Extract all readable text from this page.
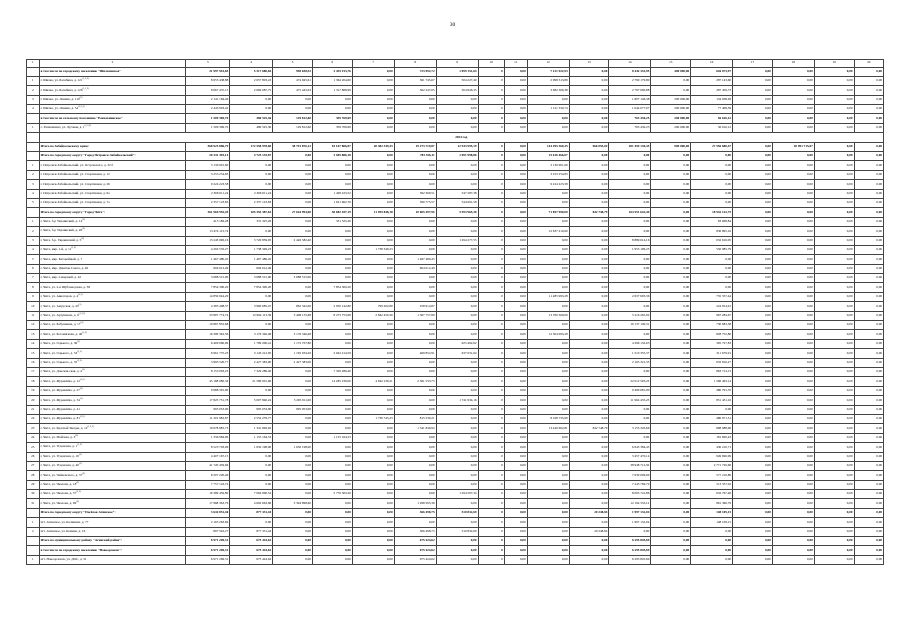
30
1	2	3	4	5	6	7	8	9	10	11	12	13	14	15	16	17	18	19	20
	в том числе по городскому поселению "Шилкинское"	21 997 943,65	5 317 680,84	990 638,52	2 435 913,76	0,00	723 992,72	1 099 151,64	0	0,00	7 121 922,93	0,00	8 442 332,95	400 000,00	626 073,97	0,00	0,00	0,00	0,00
1	г. Шилка, ул. Балабина, д. 121$^{(1,2,3)}$	8 655 438,88	2 657 803,22	474 945,61	1 364 204,66	0,00	361 745,67	504 227,40	0	0,00	2 998 313,89	0,00	2 799 179,80	0,00	287 143,60	0,00	0,00	0,00	0,00
2	г. Шилка, ул. Балабина, д. 126$^{(1,2,3)}$	8 667 437,15	2 660 687,75	475 445,63	1 317 868,99	0,00	362 247,05	504 926,35	0	0,00	3 082 309,38	0,00	2 797 690,88	0,00	287 459,73	0,00	0,00	0,00	0,00
3	г. Шилка, ул. Ленина, д. 110$^{(2)}$	2 141 184,46	0,00	0,00	0,00	0,00	0,00	0,00	0	0,00	0,00	0,00	1 807 146,38	200 000,00	134 038,28	0,00	0,00	0,00	0,00
4	г. Шилка, ул. Ленина, д. 54$^{(1,2,3)}$	2 443 903,42	0,00	0,00	0,00	0,00	0,00	0,00	0	0,00	1 121 330,74	0,00	1 044 077,97	200 000,00	77 408,39	0,00	0,00	0,00	0,00
	в том числе по сельскому поселению "Размахнинское"	1 509 369,70	480 525,36	129 812,60	359 769,69	0,00	0,00	0,00	0	0,00	0,00	0,00	763 430,25	200 000,00	56 616,12	0,00	0,00	0,00	0,00
1	с. Размахнино, ул. Луговая, д. 1$^{(1,2,3)}$	1 509 369,70	480 525,36	129 812,60	359 769,69	0,00	0,00	0,00	0	0,00	0,00	0,00	763 430,25	200 000,00	56 616,12	0,00	0,00	0,00	0,00
	2024 год																		
	Итого по Забайкальскому краю:	568 925 886,79	172 558 978,60	38 791 876,12	81 167 866,07	20 382 349,43	19 273 719,87	12 943 995,19	0	0,00	144 495 360,35	966 055,04	201 459 130,45	900 000,00	27 556 680,47	0,00	20 991 715,07	0,00	0,00
	Итого по городскому округу "Город Петровск-Забайкальский":	20 341 395,14	4 725 135,87	0,00	2 049 886,18	0,00	783 356,11	1 091 998,86	0	0,00	15 616 466,07	0,00	0,00	0,00	0,00	0,00	0,00	0,00	0,00
1	г. Петровск-Забайкальский, ул. Островского, д. 32 б	3 130 901,60	0,00	0,00	0,00	0,00	0,00	0,00	0	0,00	3 130 901,60	0,00	0,00	0,00	0,00	0,00	0,00	0,00	0,00
2	г. Петровск-Забайкальский, ул. Спортивная, д. 12	3 253 254,83	0,00	0,00	0,00	0,00	0,00	0,00	0	0,00	3 253 254,83	0,00	0,00	0,00	0,00	0,00	0,00	0,00	0,00
3	г. Петровск-Забайкальский, ул. Спортивная, д. 26	9 224 223,58	0,00	0,00	0,00	0,00	0,00	0,00	0	0,00	9 224 223,58	0,00	0,00	0,00	0,00	0,00	0,00	0,00	0,00
4	г. Петровск-Забайкальский, ул. Спортивная, д. 6а	2 366 011,24	2 366 011,24	0,00	1 428 223,52	0,00	392 369,51	547 287,38	0	0,00	0,00	0,00	0,00	0,00	0,00	0,00	0,00	0,00	0,00
5	г. Петровск-Забайкальский, ул. Спортивная, д. 7а	2 357 123,83	2 357 123,83	0,00	1 621 662,76	0,00	390 775,57	544 691,58	0	0,00	0,00	0,00	0,00	0,00	0,00	0,00	0,00	0,00	0,00
	Итого по городскому округу "Город Чита":	361 969 992,45	105 355 387,63	27 644 994,00	50 082 187,19	11 959 848,18	10 065 497,95	5 593 965,30	0	0,00	71 857 990,00	842 748,79	164 551 642,49	0,00	18 942 122,75	0,00	0,00	0,00	0,00
1	г. Чита, б-р Украинский, д. 14$^{(3)}$	415 186,28	331 325,26	0,00	331 325,26	0,00	0,00	0,00	0	0,00	0,00	0,00	0,00	0,00	83 668,84	0,00	0,00	0,00	0,00
2	г. Чита, б-р Украинский, д. 26$^{(2)}$	13 474 115,74	0,00	0,00	0,00	0,00	0,00	0,00	0	0,00	12 637 210,60	0,00	0,00	0,00	836 895,16	0,00	0,00	0,00	0,00
3	г. Чита, б-р. Украинский, д. 5$^{(2)}$	13 243 090,16	3 720 859,95	2 426 582,40	0,00	0,00	0,00	1 294 277,55	0	0,00	0,00	0,00	8 889 614,16	0,00	632 616,05	0,00	0,00	0,00	0,00
4	г. Чита, мкр. 1-й, д. 11$^{(1,2)}$	4 292 535,27	1 738 349,23	0,00	0,00	1 738 349,23	0,00	0,00	0	0,00	0,00	0,00	1 953 199,25	0,00	550 985,79	0,00	0,00	0,00	0,00
5	г. Чита, мкр. Батарейный, д. 7	1 467 480,45	1 467 480,45	0,00	0,00	0,00	1 467 480,45	0,00	0	0,00	0,00	0,00	0,00	0,00	0,00	0,00	0,00	0,00	0,00
6	г. Чита, мкр. Девятая Союза, д. 40	604 012,49	604 012,49	0,00	0,00	0,00	604 012,49	0,00	0	0,00	0,00	0,00	0,00	0,00	0,00	0,00	0,00	0,00	0,00
7	г. Чита, мкр. Северный, д. 42	3 688 515,00	3 688 515,00	3 688 515,00	0,00	0,00	0,00	0,00	0	0,00	0,00	0,00	0,00	0,00	0,00	0,00	0,00	0,00	0,00
8	г. Чита, ул. 2-я Шубзаводская, д. 38	7 854 300,20	7 854 300,20	0,00	7 854 300,20	0,00	0,00	0,00	0	0,00	0,00	0,00	0,00	0,00	0,00	0,00	0,00	0,00	0,00
9	г. Чита, ул. Авиаторов, д. 4$^{(1,2)}$	14 859 044,20	0,00	0,00	0,00	0,00	0,00	0,00	0	0,00	11 485 993,28	0,00	2 637 693,36	0,00	735 357,44	0,00	0,00	0,00	0,00
10	г. Чита, ул. Амурская, д. 43$^{(1)}$	4 385 408,37	3 960 685,47	862 342,00	2 050 142,80	799 202,80	258 914,87	0,00	0	0,00	0,00	0,00	0,00	0,00	224 814,91	0,00	0,00	0,00	0,00
11	г. Чита, ул. Артушкова, д. 9$^{(1,2,3)}$	33 807 774,74	12 994 113,39	3 408 155,68	8 273 753,68	2 842 450,30	1 367 757,89	0,00	0	0,00	13 700 300,00	0,00	5 216 265,92	0,00	967 284,67	0,00	0,00	0,00	0,00
12	г. Чита, ул. Бабушкина, д. 17$^{(3)}$	10 867 832,68	0,00	0,00	0,00	0,00	0,00	0,00	0	0,00	0,00	0,00	10 137 149,31	0,00	730 683,38	0,00	0,00	0,00	0,00
13	г. Чита, ул. Богомягкова, д. 46$^{(1,2)}$	16 309 362,56	3 176 346,48	3 176 346,48	0,00	0,00	0,00	0,00	0	0,00	12 304 093,28	0,00	0,00	0,00	828 752,80	0,00	0,00	0,00	0,00
14	г. Чита, ул. Горького, д. 36$^{(1)}$	6 400 060,99	1 799 200,41	1 172 707,80	0,00	0,00	0,00	625 492,62	0	0,00	0,00	0,00	4 296 132,65	0,00	305 727,83	0,00	0,00	0,00	0,00
15	г. Чита, ул. Горького, д. 53$^{(1,2)}$	6 961 737,23	3 143 212,95	1 195 934,20	2 042 214,59	0,00	469 852,91	637 631,64	0	0,00	0,00	0,00	1 510 355,37	0,00	311 679,91	0,00	0,00	0,00	0,00
16	г. Чита, ул. Горького, д. 55$^{(1,2)}$	3 993 520,77	2 427 383,00	2 427 383,00	0,00	0,00	0,00	0,00	0	0,00	0,00	0,00	2 103 321,35	0,00	632 816,27	0,00	0,00	0,00	0,00
17	г. Чита, ул. Донская-ская, д. 4$^{(1)}$	8 153 093,23	7 329 286,40	0,00	7 329 286,40	0,00	0,00	0,00	0	0,00	0,00	0,00	0,00	0,00	863 714,13	0,00	0,00	0,00	0,00
18	г. Чита, ул. Журавлёва, д. 12$^{(1,2)}$	45 168 080,34	21 589 001,96	0,00	14 285 239,00	4 942 239,21	2 361 533,75	0,00	0	0,00	0,00	0,00	22 012 593,23	0,00	1 566 493,14	0,00	0,00	0,00	0,00
19	г. Чита, ул. Журавлёва, д. 27$^{(2)}$	9 988 391,90	0,00	0,00	0,00	0,00	0,00	0,00	0	0,00	0,00	0,00	9 499 681,90	0,00	480 791,70	0,00	0,00	0,00	0,00
20	г. Чита, ул. Журавлёва, д. 34$^{(1)}$	17 823 731,78	5 007 840,24	3 265 911,00	0,00	0,00	0,00	1 741 934,16	0	0,00	0,00	0,00	11 964 435,23	0,00	851 431,16	0,00	0,00	0,00	0,00
21	г. Чита, ул. Журавлёва, д. 41	995 053,00	995 053,00	995 053,00	0,00	0,00	0,00	0,00	0	0,00	0,00	0,00	0,00	0,00	0,00	0,00	0,00	0,00	0,00
22	г. Чита, ул. Журавлёва, д. 81$^{(1,2)}$	11 201 982,87	2 552 279,77	0,00	0,00	1 736 745,23	815 530,21	0,00	0	0,00	8 168 735,60	0,00	0,00	0,00	480 971,51	0,00	0,00	0,00	0,00
23	г. Чита, ул. Красной Звезды, д. 12$^{(1,2,3)}$	19 678 685,73	1 341 849,92	0,00	0,00	0,00	1 341 849,92	0,00	0	0,00	13 440 602,81	842 748,79	3 155 345,66	0,00	898 088,96	0,00	0,00	0,00	0,00
24	г. Чита, ул. Майская, д. 3$^{(3)}$	1 336 984,96	1 155 164,53	0,00	1 155 164,53	0,00	0,00	0,00	0	0,00	0,00	0,00	0,00	0,00	181 820,43	0,00	0,00	0,00	0,00
25	г. Чита, ул. Угданская, д. 1$^{(1,2)}$	8 523 793,06	1 650 198,00	1 650 198,00	0,00	0,00	0,00	0,00	0	0,00	0,00	0,00	6 643 384,45	0,00	430 210,71	0,00	0,00	0,00	0,00
26	г. Чита, ул. Угданская, д. 10$^{(1)}$	4 407 167,15	0,00	0,00	0,00	0,00	0,00	0,00	0	0,00	0,00	0,00	3 457 470,14	0,00	949 696,99	0,00	0,00	0,00	0,00
27	г. Чита, ул. Угданская, д. 40$^{(1)}$	41 720 439,66	0,00	0,00	0,00	0,00	0,00	0,00	0	0,00	0,00	0,00	38 948 712,50	0,00	2 771 726,66	0,00	0,00	0,00	0,00
28	г. Чита, ул. Чайковского, д. 37$^{(2)}$	8 207 220,46	0,00	0,00	0,00	0,00	0,00	0,00	0	0,00	0,00	0,00	7 630 009,60	0,00	577 210,86	0,00	0,00	0,00	0,00
29	г. Чита, ул. Чкалова, д. 18$^{(2)}$	7 757 122,72	0,00	0,00	0,00	0,00	0,00	0,00	0	0,00	0,00	0,00	7 243 766,70	0,00	513 357,02	0,00	0,00	0,00	0,00
30	г. Чита, ул. Чкалова, д. 57$^{(1,2)}$	16 369 459,80	7 064 990,54	0,00	5 770 363,20	0,00	0,00	1 294 567,34	0	0,00	0,00	0,00	8 095 741,86	0,00	632 767,46	0,00	0,00	0,00	0,00
31	г. Чита, ул. Чкалова, д. 69$^{(3)}$	17 968 363,76	4 692 663,96	3 394 898,60	0,00	0,00	1 298 565,36	0,00	0	0,00	0,00	0,00	12 194 333,12	0,00	861 366,79	0,00	0,00	0,00	0,00
	Итого по городскому округу "Посёлок Агинское":	3 642 851,46	877 331,44	0,00	0,00	0,00	366 498,75	510 832,69	0	0,00	0,00	20 248,84	1 997 132,04	0,00	148 109,15	0,00	0,00	0,00	0,00
1	пгт. Агинское, ул. Калинина, д. 77	2 165 263,69	0,00	0,00	0,00	0,00	0,00	0,00	0	0,00	0,00	0,00	1 997 132,04	0,00	148 109,15	0,00	0,00	0,00	0,00
2	пгт. Агинское, ул. Комина, д. 16	897 592,27	877 331,44	0,00	0,00	0,00	366 498,75	510 832,69	0	0,00	0,00	20 248,84	0,00	0,00	0,00	0,00	0,00	0,00	0,00
	Итого по муниципальному району "Агинский район":	6 971 269,31	675 424,62	0,00	0,00	0,00	675 424,62	0,00	0	0,00	0,00	0,00	6 295 845,69	0,00	0,00	0,00	0,00	0,00	0,00
	в том числе по городскому поселению "Новоорловск":	6 971 269,31	675 424,62	0,00	0,00	0,00	675 424,62	0,00	0	0,00	0,00	0,00	6 295 845,69	0,00	0,00	0,00	0,00	0,00	0,00
1	пгт. Новоорловск, ул. ДОС, д. 31	6 971 269,31	675 424,62	0,00	0,00	0,00	675 424,62	0,00	0	0,00	0,00	0,00	6 295 845,69	0,00	0,00	0,00	0,00	0,00	0,00
